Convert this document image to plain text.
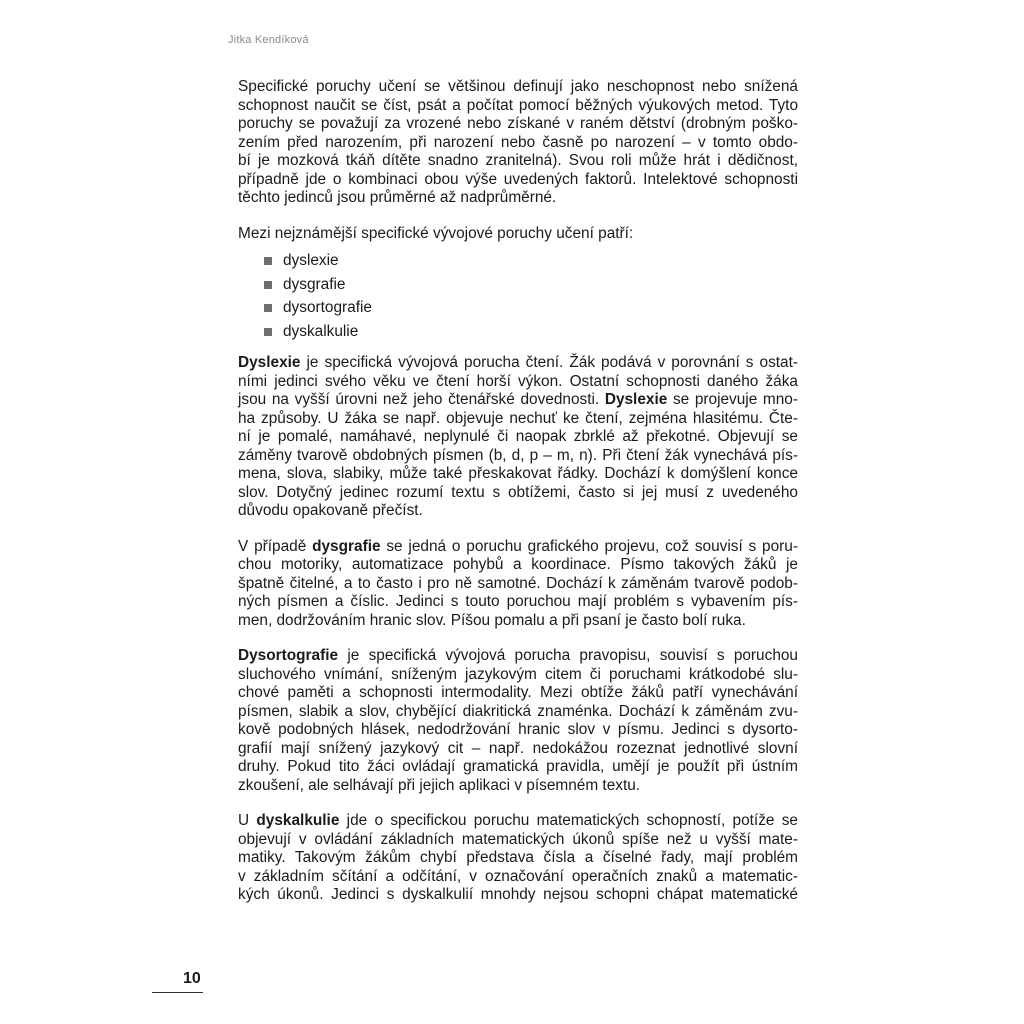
Jitka Kendíková
Specifické poruchy učení se většinou definují jako neschopnost nebo snížená
schopnost naučit se číst, psát a počítat pomocí běžných výukových metod. Tyto
poruchy se považují za vrozené nebo získané v raném dětství (drobným poško-
zením před narozením, při narození nebo časně po narození – v tomto obdo-
bí je mozková tkáň dítěte snadno zranitelná). Svou roli může hrát i dědičnost,
případně jde o kombinaci obou výše uvedených faktorů. Intelektové schopnosti
těchto jedinců jsou průměrné až nadprůměrné.
Mezi nejznámější specifické vývojové poruchy učení patří:
dyslexie
dysgrafie
dysortografie
dyskalkulie
Dyslexie je specifická vývojová porucha čtení. Žák podává v porovnání s ostat-
ními jedinci svého věku ve čtení horší výkon. Ostatní schopnosti daného žáka
jsou na vyšší úrovni než jeho čtenářské dovednosti. Dyslexie se projevuje mno-
ha způsoby. U žáka se např. objevuje nechuť ke čtení, zejména hlasitému. Čte-
ní je pomalé, namáhavé, neplynulé či naopak zbrklé až překotné. Objevují se
záměny tvarově obdobných písmen (b, d, p – m, n). Při čtení žák vynechává pís-
mena, slova, slabiky, může také přeskakovat řádky. Dochází k domýšlení konce
slov. Dotyčný jedinec rozumí textu s obtížemi, často si jej musí z uvedeného
důvodu opakovaně přečíst.
V případě dysgrafie se jedná o poruchu grafického projevu, což souvisí s poru-
chou motoriky, automatizace pohybů a koordinace. Písmo takových žáků je
špatně čitelné, a to často i pro ně samotné. Dochází k záměnám tvarově podob-
ných písmen a číslic. Jedinci s touto poruchou mají problém s vybavením pís-
men, dodržováním hranic slov. Píšou pomalu a při psaní je často bolí ruka.
Dysortografie je specifická vývojová porucha pravopisu, souvisí s poruchou
sluchového vnímání, sníženým jazykovým citem či poruchami krátkodobé slu-
chové paměti a schopnosti intermodality. Mezi obtíže žáků patří vynechávání
písmen, slabik a slov, chybějící diakritická znaménka. Dochází k záměnám zvu-
kově podobných hlásek, nedodržování hranic slov v písmu. Jedinci s dysorto-
grafií mají snížený jazykový cit – např. nedokážou rozeznat jednotlivé slovní
druhy. Pokud tito žáci ovládají gramatická pravidla, umějí je použít při ústním
zkoušení, ale selhávají při jejich aplikaci v písemném textu.
U dyskalkulie jde o specifickou poruchu matematických schopností, potíže se
objevují v ovládání základních matematických úkonů spíše než u vyšší mate-
matiky. Takovým žákům chybí představa čísla a číselné řady, mají problém
v základním sčítání a odčítání, v označování operačních znaků a matematic-
kých úkonů. Jedinci s dyskalkulií mnohdy nejsou schopni chápat matematické
10
